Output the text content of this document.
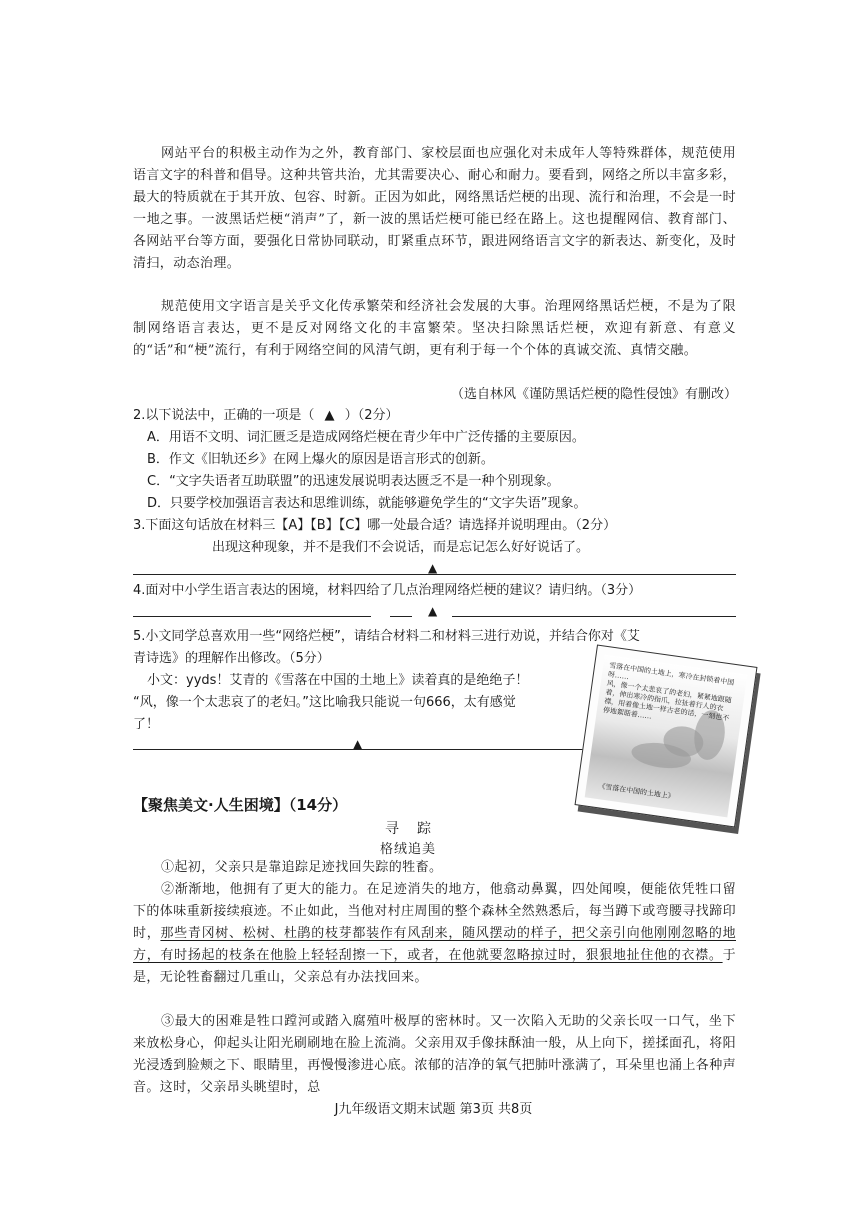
网站平台的积极主动作为之外，教育部门、家校层面也应强化对未成年人等特殊群体，规范使用语言文字的科普和倡导。这种共管共治，尤其需要决心、耐心和耐力。要看到，网络之所以丰富多彩，最大的特质就在于其开放、包容、时新。正因为如此，网络黑话烂梗的出现、流行和治理，不会是一时一地之事。一波黑话烂梗“消声”了，新一波的黑话烂梗可能已经在路上。这也提醒网信、教育部门、各网站平台等方面，要强化日常协同联动，盯紧重点环节，跟进网络语言文字的新表达、新变化，及时清扫，动态治理。
规范使用文字语言是关乎文化传承繁荣和经济社会发展的大事。治理网络黑话烂梗，不是为了限制网络语言表达，更不是反对网络文化的丰富繁荣。坚决扫除黑话烂梗，欢迎有新意、有意义的“话”和“梗”流行，有利于网络空间的风清气朗，更有利于每一个个体的真诚交流、真情交融。
（选自林风《谨防黑话烂梗的隐性侵蚀》有删改）
2.以下说法中，正确的一项是（ ▲ ）（2分）
A．用语不文明、词汇匮乏是造成网络烂梗在青少年中广泛传播的主要原因。
B．作文《旧轨还乡》在网上爆火的原因是语言形式的创新。
C．“文字失语者互助联盟”的迅速发展说明表达匮乏不是一种个别现象。
D．只要学校加强语言表达和思维训练，就能够避免学生的“文字失语”现象。
3.下面这句话放在材料三【A】【B】【C】哪一处最合适？请选择并说明理由。（2分）
出现这种现象，并不是我们不会说话，而是忘记怎么好好说话了。
▲
4.面对中小学生语言表达的困境，材料四给了几点治理网络烂梗的建议？请归纳。（3分）
▲
5.小文同学总喜欢用一些“网络烂梗”，请结合材料二和材料三进行劝说，并结合你对《艾
青诗选》的理解作出修改。（5分）
小文：yyds！艾青的《雪落在中国的土地上》读着真的是绝绝子！
“风，像一个太悲哀了的老妇。”这比喻我只能说一句666，太有感觉
了！
▲
雪落在中国的土地上，寒冷在封锁着中国呀……
风，像一个太悲哀了的老妇，紧紧地跟随着，伸出寒冷的指爪，拉扯着行人的衣襟，用着像土地一样古老的话，一刻也不停地絮聒着……
《雪落在中国的土地上》
【聚焦美文·人生困境】（14分）
寻踪
格绒追美
①起初，父亲只是靠追踪足迹找回失踪的牲畜。
②渐渐地，他拥有了更大的能力。在足迹消失的地方，他翕动鼻翼，四处闻嗅，便能依凭牲口留下的体味重新接续痕迹。不止如此，当他对村庄周围的整个森林全然熟悉后，每当蹲下或弯腰寻找蹄印时，那些青冈树、松树、杜鹃的枝芽都装作有风刮来，随风摆动的样子，把父亲引向他刚刚忽略的地方，有时扬起的枝条在他脸上轻轻刮擦一下，或者，在他就要忽略掠过时，狠狠地扯住他的衣襟。于是，无论牲畜翻过几重山，父亲总有办法找回来。
③最大的困难是牲口蹚河或踏入腐殖叶极厚的密林时。又一次陷入无助的父亲长叹一口气，坐下来放松身心，仰起头让阳光刷刷地在脸上流淌。父亲用双手像抹酥油一般，从上向下，搓揉面孔，将阳光浸透到脸颊之下、眼睛里，再慢慢渗进心底。浓郁的洁净的氧气把肺叶涨满了，耳朵里也涌上各种声音。这时，父亲昂头眺望时，总
J九年级语文期末试题 第3页 共8页
